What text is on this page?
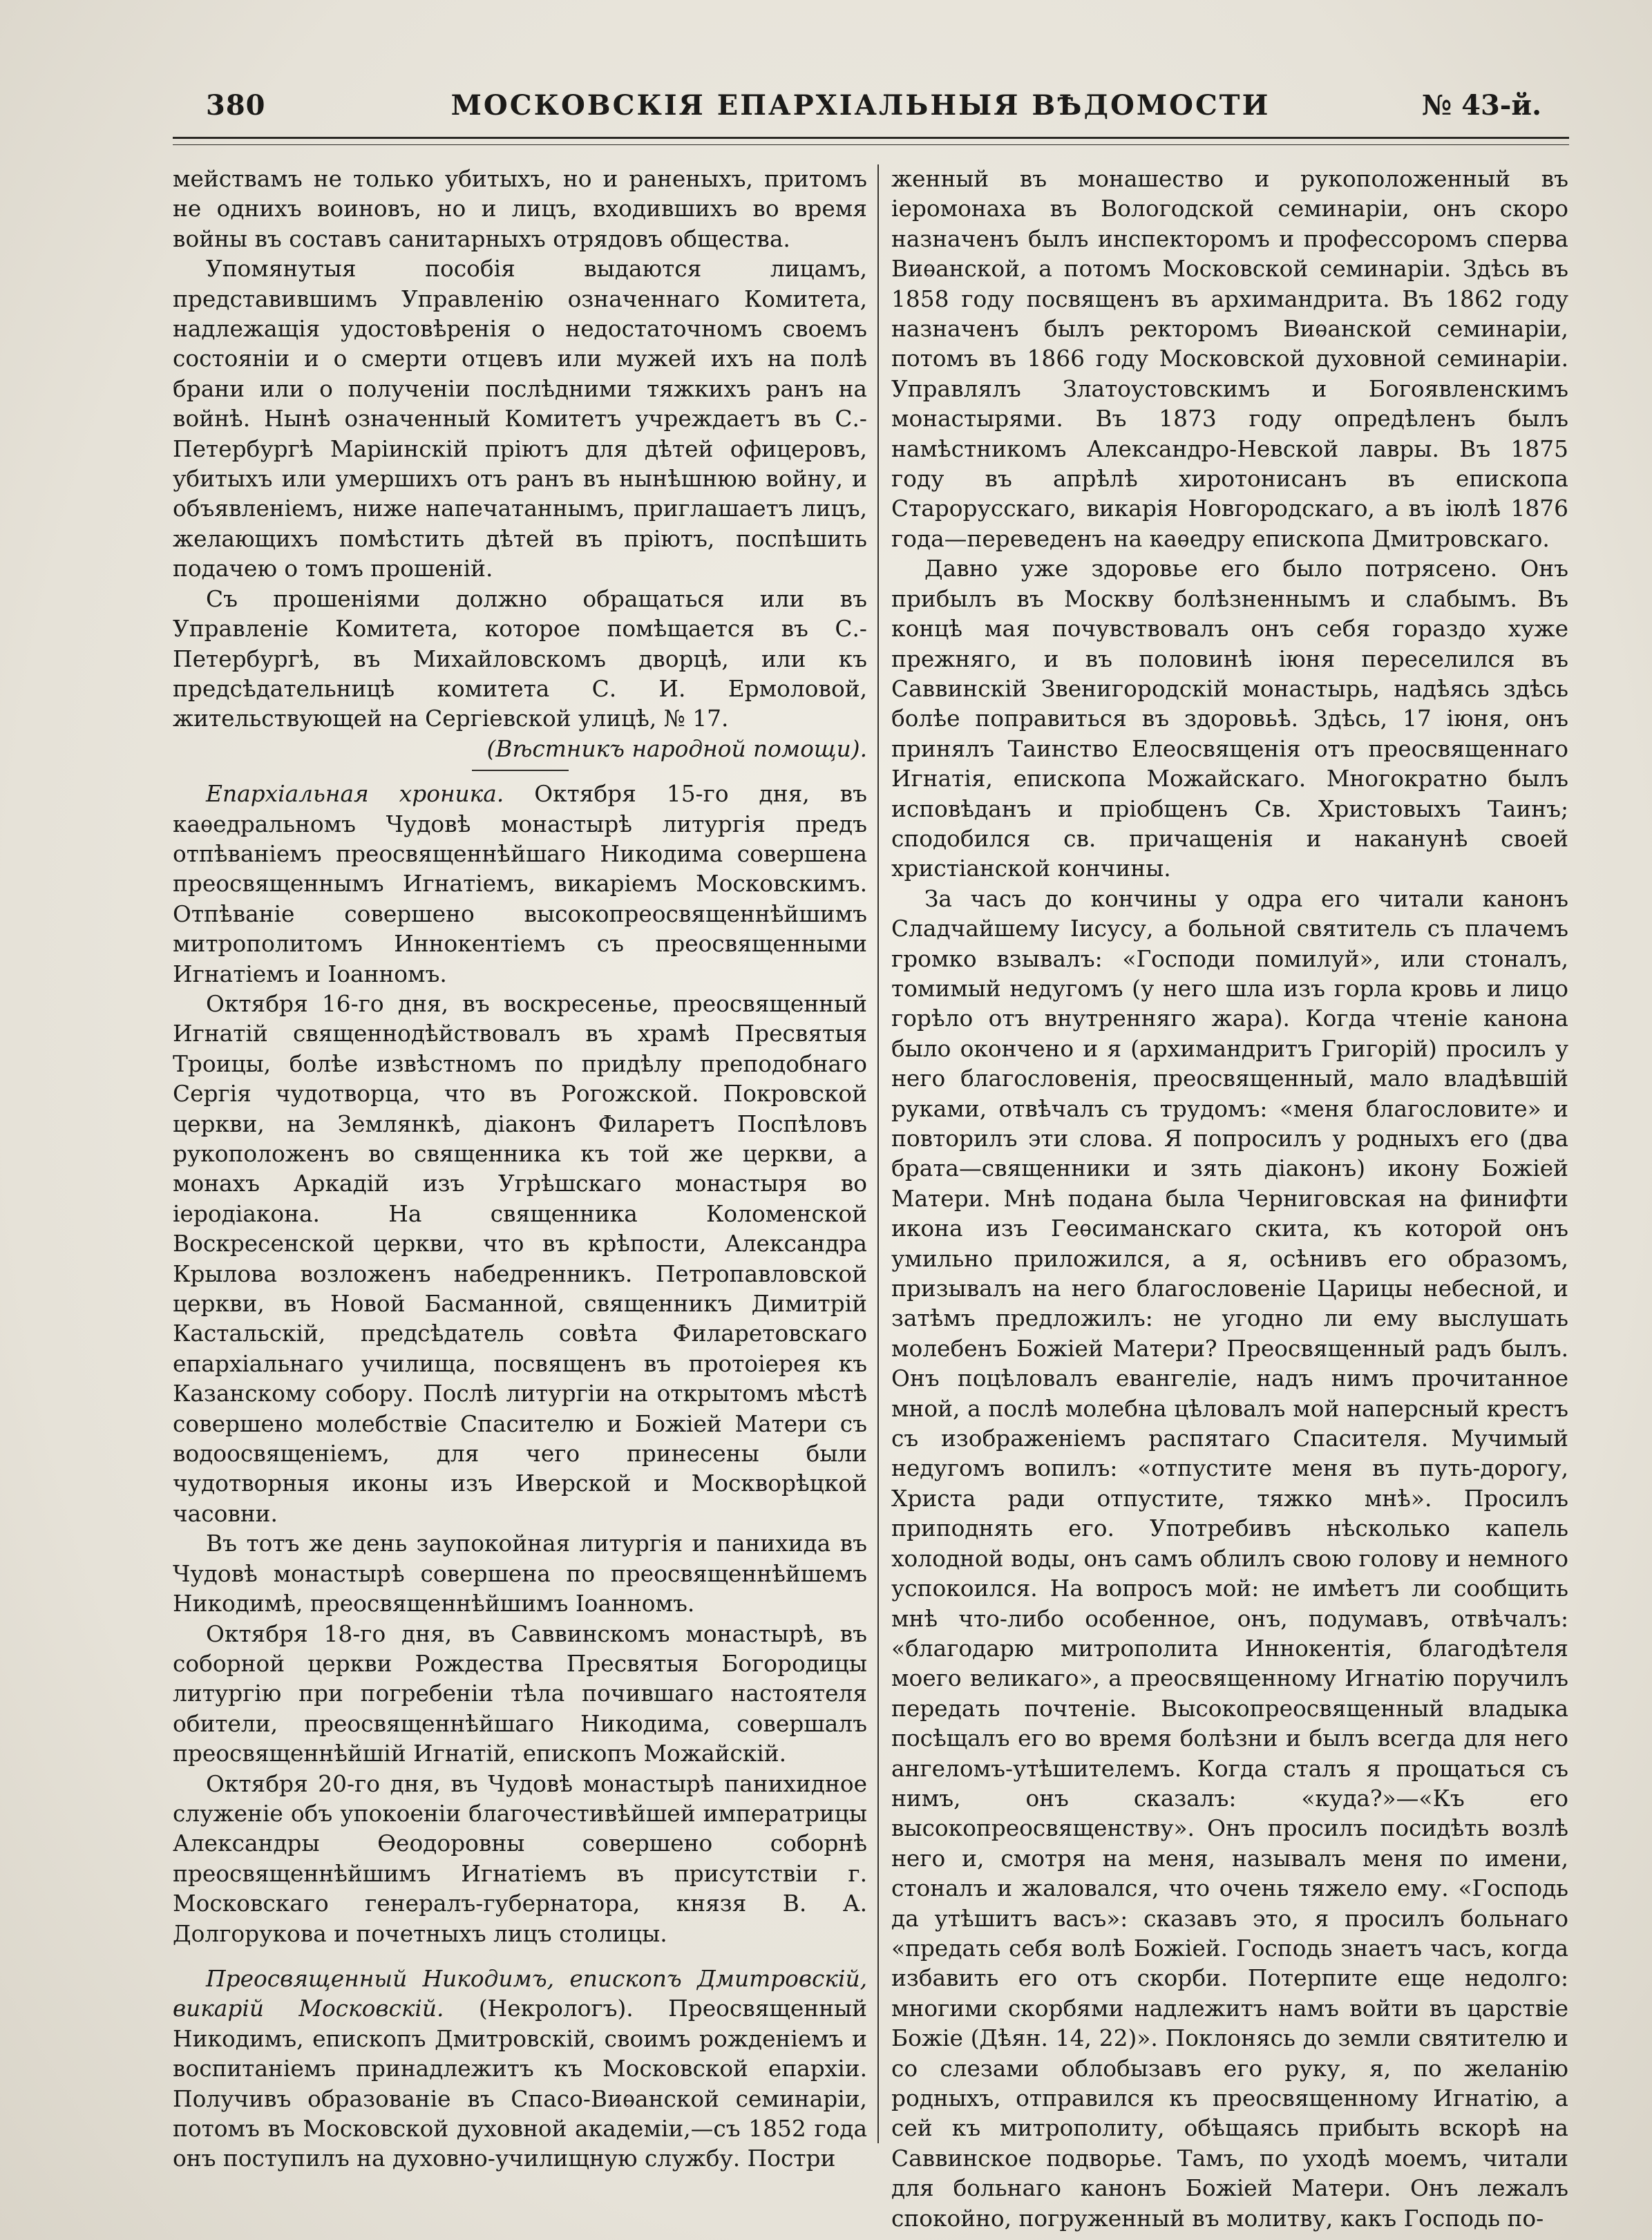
380	МОСКОВСКІЯ ЕПАРХІАЛЬНЫЯ ВѢДОМОСТИ	№ 43-й.

мействамъ не только убитыхъ, но и раненыхъ, притомъ не однихъ воиновъ, но и лицъ, входившихъ во время войны въ составъ санитарныхъ отрядовъ общества.

Упомянутыя пособія выдаются лицамъ, представившимъ Управленію означеннаго Комитета, надлежащія удостовѣренія о недостаточномъ своемъ состояніи и о смерти отцевъ или мужей ихъ на полѣ брани или о полученіи послѣдними тяжкихъ ранъ на войнѣ. Нынѣ означенный Комитетъ учреждаетъ въ С.-Петербургѣ Маріинскій пріютъ для дѣтей офицеровъ, убитыхъ или умершихъ отъ ранъ въ нынѣшнюю войну, и объявленіемъ, ниже напечатаннымъ, приглашаетъ лицъ, желающихъ помѣстить дѣтей въ пріютъ, поспѣшить подачею о томъ прошеній.

Съ прошеніями должно обращаться или въ Управленіе Комитета, которое помѣщается въ С.-Петербургѣ, въ Михайловскомъ дворцѣ, или къ предсѣдательницѣ комитета С. И. Ермоловой, жительствующей на Сергіевской улицѣ, № 17.

(Вѣстникъ народной помощи).

Епархіальная хроника. Октября 15-го дня, въ каѳедральномъ Чудовѣ монастырѣ литургія предъ отпѣваніемъ преосвященнѣйшаго Никодима совершена преосвященнымъ Игнатіемъ, викаріемъ Московскимъ. Отпѣваніе совершено высокопреосвященнѣйшимъ митрополитомъ Иннокентіемъ съ преосвященными Игнатіемъ и Іоанномъ.

Октября 16-го дня, въ воскресенье, преосвященный Игнатій священнодѣйствовалъ въ храмѣ Пресвятыя Троицы, болѣе извѣстномъ по придѣлу преподобнаго Сергія чудотворца, что въ Рогожской. Покровской церкви, на Землянкѣ, діаконъ Филаретъ Поспѣловъ рукоположенъ во священника къ той же церкви, а монахъ Аркадій изъ Угрѣшскаго монастыря во іеродіакона. На священника Коломенской Воскресенской церкви, что въ крѣпости, Александра Крылова возложенъ набедренникъ. Петропавловской церкви, въ Новой Басманной, священникъ Димитрій Кастальскій, предсѣдатель совѣта Филаретовскаго епархіальнаго училища, посвященъ въ протоіерея къ Казанскому собору. Послѣ литургіи на открытомъ мѣстѣ совершено молебствіе Спасителю и Божіей Матери съ водоосвященіемъ, для чего принесены были чудотворныя иконы изъ Иверской и Москворѣцкой часовни.

Въ тотъ же день заупокойная литургія и панихида въ Чудовѣ монастырѣ совершена по преосвященнѣйшемъ Никодимѣ, преосвященнѣйшимъ Іоанномъ.

Октября 18-го дня, въ Саввинскомъ монастырѣ, въ соборной церкви Рождества Пресвятыя Богородицы литургію при погребеніи тѣла почившаго настоятеля обители, преосвященнѣйшаго Никодима, совершалъ преосвященнѣйшій Игнатій, епископъ Можайскій.

Октября 20-го дня, въ Чудовѣ монастырѣ панихидное служеніе объ упокоеніи благочестивѣйшей императрицы Александры Ѳеодоровны совершено соборнѣ преосвященнѣйшимъ Игнатіемъ въ присутствіи г. Московскаго генералъ-губернатора, князя В. А. Долгорукова и почетныхъ лицъ столицы.

Преосвященный Никодимъ, епископъ Дмитровскій, викарій Московскій. (Некрологъ). Преосвященный Никодимъ, епископъ Дмитровскій, своимъ рожденіемъ и воспитаніемъ принадлежитъ къ Московской епархіи. Получивъ образованіе въ Спасо-Виѳанской семинаріи, потомъ въ Московской духовной академіи,—съ 1852 года онъ поступилъ на духовно-училищную службу. Постри

женный въ монашество и рукоположенный въ іеромонаха въ Вологодской семинаріи, онъ скоро назначенъ былъ инспекторомъ и профессоромъ сперва Виѳанской, а потомъ Московской семинаріи. Здѣсь въ 1858 году посвященъ въ архимандрита. Въ 1862 году назначенъ былъ ректоромъ Виѳанской семинаріи, потомъ въ 1866 году Московской духовной семинаріи. Управлялъ Златоустовскимъ и Богоявленскимъ монастырями. Въ 1873 году опредѣленъ былъ намѣстникомъ Александро-Невской лавры. Въ 1875 году въ апрѣлѣ хиротонисанъ въ епископа Старорусскаго, викарія Новгородскаго, а въ іюлѣ 1876 года—переведенъ на каѳедру епископа Дмитровскаго.

Давно уже здоровье его было потрясено. Онъ прибылъ въ Москву болѣзненнымъ и слабымъ. Въ концѣ мая почувствовалъ онъ себя гораздо хуже прежняго, и въ половинѣ іюня переселился въ Саввинскій Звенигородскій монастырь, надѣясь здѣсь болѣе поправиться въ здоровьѣ. Здѣсь, 17 іюня, онъ принялъ Таинство Елеосвященія отъ преосвященнаго Игнатія, епископа Можайскаго. Многократно былъ исповѣданъ и пріобщенъ Св. Христовыхъ Таинъ; сподобился св. причащенія и наканунѣ своей христіанской кончины.

За часъ до кончины у одра его читали канонъ Сладчайшему Іисусу, а больной святитель съ плачемъ громко взывалъ: «Господи помилуй», или стоналъ, томимый недугомъ (у него шла изъ горла кровь и лицо горѣло отъ внутренняго жара). Когда чтеніе канона было окончено и я (архимандритъ Григорій) просилъ у него благословенія, преосвященный, мало владѣвшій руками, отвѣчалъ съ трудомъ: «меня благословите» и повторилъ эти слова. Я попросилъ у родныхъ его (два брата—священники и зять діаконъ) икону Божіей Матери. Мнѣ подана была Черниговская на финифти икона изъ Геѳсиманскаго скита, къ которой онъ умильно приложился, а я, осѣнивъ его образомъ, призывалъ на него благословеніе Царицы небесной, и затѣмъ предложилъ: не угодно ли ему выслушать молебенъ Божіей Матери? Преосвященный радъ былъ. Онъ поцѣловалъ евангеліе, надъ нимъ прочитанное мной, а послѣ молебна цѣловалъ мой наперсный крестъ съ изображеніемъ распятаго Спасителя. Мучимый недугомъ вопилъ: «отпустите меня въ путь-дорогу, Христа ради отпустите, тяжко мнѣ». Просилъ приподнять его. Употребивъ нѣсколько капель холодной воды, онъ самъ облилъ свою голову и немного успокоился. На вопросъ мой: не имѣетъ ли сообщить мнѣ что-либо особенное, онъ, подумавъ, отвѣчалъ: «благодарю митрополита Иннокентія, благодѣтеля моего великаго», а преосвященному Игнатію поручилъ передать почтеніе. Высокопреосвященный владыка посѣщалъ его во время болѣзни и былъ всегда для него ангеломъ-утѣшителемъ. Когда сталъ я прощаться съ нимъ, онъ сказалъ: «куда?»—«Къ его высокопреосвященству». Онъ просилъ посидѣть возлѣ него и, смотря на меня, называлъ меня по имени, стоналъ и жаловался, что очень тяжело ему. «Господь да утѣшитъ васъ»: сказавъ это, я просилъ больнаго «предать себя волѣ Божіей. Господь знаетъ часъ, когда избавить его отъ скорби. Потерпите еще недолго: многими скорбями надлежитъ намъ войти въ царствіе Божіе (Дѣян. 14, 22)». Поклонясь до земли святителю и со слезами облобызавъ его руку, я, по желанію родныхъ, отправился къ преосвященному Игнатію, а сей къ митрополиту, обѣщаясь прибыть вскорѣ на Саввинское подворье. Тамъ, по уходѣ моемъ, читали для больнаго канонъ Божіей Матери. Онъ лежалъ спокойно, погруженный въ молитву, какъ Господь по-
